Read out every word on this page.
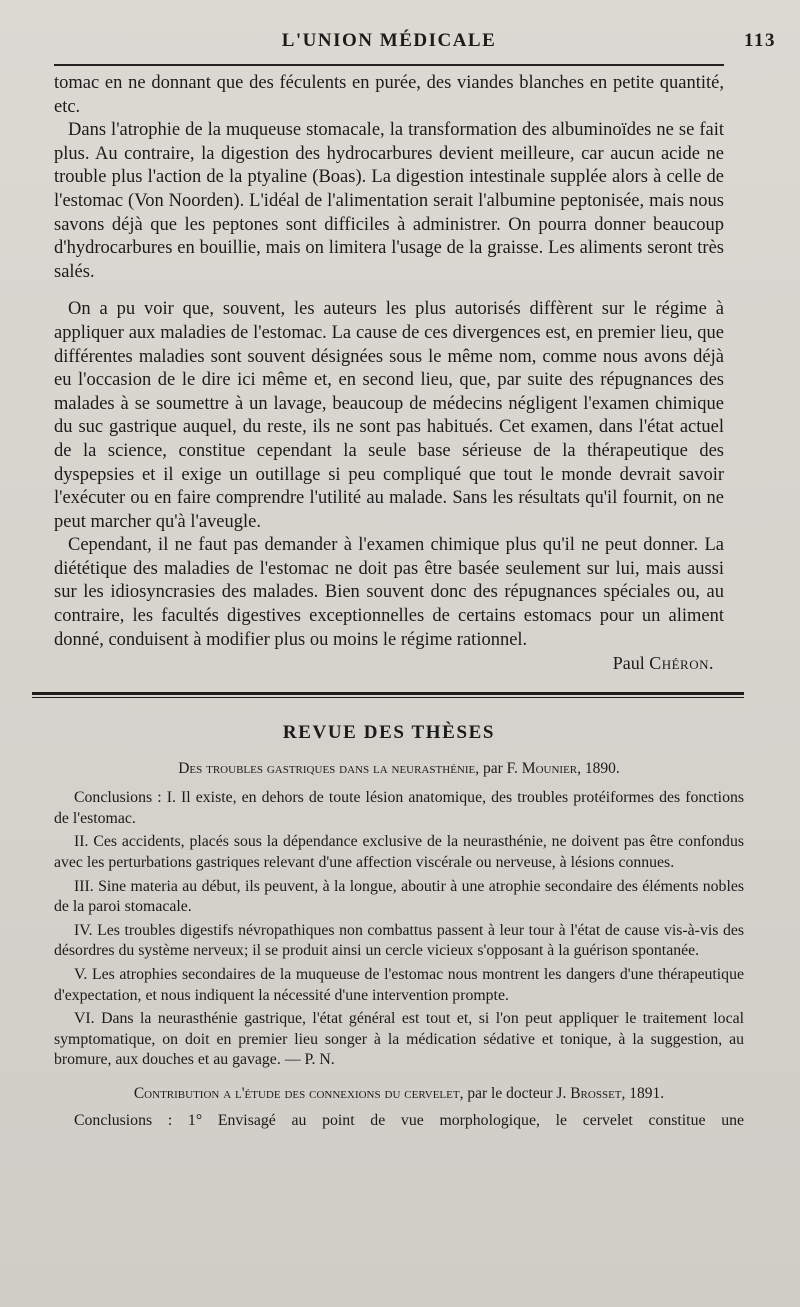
L'UNION MÉDICALE	113

tomac en ne donnant que des féculents en purée, des viandes blanches en petite quantité, etc.

Dans l'atrophie de la muqueuse stomacale, la transformation des albuminoïdes ne se fait plus. Au contraire, la digestion des hydrocarbures devient meilleure, car aucun acide ne trouble plus l'action de la ptyaline (Boas). La digestion intestinale supplée alors à celle de l'estomac (Von Noorden). L'idéal de l'alimentation serait l'albumine peptonisée, mais nous savons déjà que les peptones sont difficiles à administrer. On pourra donner beaucoup d'hydrocarbures en bouillie, mais on limitera l'usage de la graisse. Les aliments seront très salés.

On a pu voir que, souvent, les auteurs les plus autorisés diffèrent sur le régime à appliquer aux maladies de l'estomac. La cause de ces divergences est, en premier lieu, que différentes maladies sont souvent désignées sous le même nom, comme nous avons déjà eu l'occasion de le dire ici même et, en second lieu, que, par suite des répugnances des malades à se soumettre à un lavage, beaucoup de médecins négligent l'examen chimique du suc gastrique auquel, du reste, ils ne sont pas habitués. Cet examen, dans l'état actuel de la science, constitue cependant la seule base sérieuse de la thérapeutique des dyspepsies et il exige un outillage si peu compliqué que tout le monde devrait savoir l'exécuter ou en faire comprendre l'utilité au malade. Sans les résultats qu'il fournit, on ne peut marcher qu'à l'aveugle.

Cependant, il ne faut pas demander à l'examen chimique plus qu'il ne peut donner. La diététique des maladies de l'estomac ne doit pas être basée seulement sur lui, mais aussi sur les idiosyncrasies des malades. Bien souvent donc des répugnances spéciales ou, au contraire, les facultés digestives exceptionnelles de certains estomacs pour un aliment donné, conduisent à modifier plus ou moins le régime rationnel.

Paul Chéron.
REVUE DES THÈSES
Des troubles gastriques dans la neurasthénie, par F. Mounier, 1890.

Conclusions : I. Il existe, en dehors de toute lésion anatomique, des troubles protéiformes des fonctions de l'estomac.

II. Ces accidents, placés sous la dépendance exclusive de la neurasthénie, ne doivent pas être confondus avec les perturbations gastriques relevant d'une affection viscérale ou nerveuse, à lésions connues.

III. Sine materia au début, ils peuvent, à la longue, aboutir à une atrophie secondaire des éléments nobles de la paroi stomacale.

IV. Les troubles digestifs névropathiques non combattus passent à leur tour à l'état de cause vis-à-vis des désordres du système nerveux; il se produit ainsi un cercle vicieux s'opposant à la guérison spontanée.

V. Les atrophies secondaires de la muqueuse de l'estomac nous montrent les dangers d'une thérapeutique d'expectation, et nous indiquent la nécessité d'une intervention prompte.

VI. Dans la neurasthénie gastrique, l'état général est tout et, si l'on peut appliquer le traitement local symptomatique, on doit en premier lieu songer à la médication sédative et tonique, à la suggestion, au bromure, aux douches et au gavage. — P. N.

Contribution a l'étude des connexions du cervelet, par le docteur J. Brosset, 1891.
Conclusions : 1° Envisagé au point de vue morphologique, le cervelet constitue une
